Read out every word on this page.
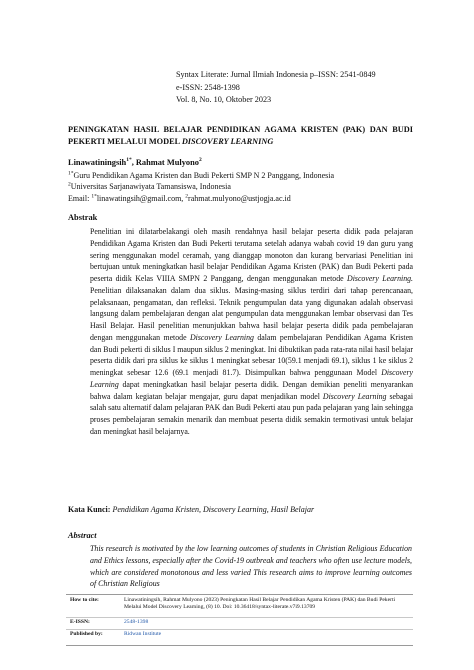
Syntax Literate: Jurnal Ilmiah Indonesia p–ISSN: 2541-0849
e-ISSN: 2548-1398
Vol. 8, No. 10, Oktober 2023
PENINGKATAN HASIL BELAJAR PENDIDIKAN AGAMA KRISTEN (PAK) DAN BUDI PEKERTI MELALUI MODEL DISCOVERY LEARNING
Linawatiningsih$^{1*}$, Rahmat Mulyono$^2$
$^{1*}$Guru Pendidikan Agama Kristen dan Budi Pekerti SMP N 2 Panggang, Indonesia
$^2$Universitas Sarjanawiyata Tamansiswa, Indonesia
Email: $^{1*}$linawatingsih@gmail.com, $^2$rahmat.mulyono@ustjogja.ac.id
Abstrak
Penelitian ini dilatarbelakangi oleh masih rendahnya hasil belajar peserta didik pada pelajaran Pendidikan Agama Kristen dan Budi Pekerti terutama setelah adanya wabah covid 19 dan guru yang sering menggunakan model ceramah, yang dianggap monoton dan kurang bervariasi Penelitian ini bertujuan untuk meningkatkan hasil belajar Pendidikan Agama Kristen (PAK) dan Budi Pekerti pada peserta didik Kelas VIIIA SMPN 2 Panggang, dengan menggunakan metode Discovery Learning. Penelitian dilaksanakan dalam dua siklus. Masing-masing siklus terdiri dari tahap perencanaan, pelaksanaan, pengamatan, dan refleksi. Teknik pengumpulan data yang digunakan adalah observasi langsung dalam pembelajaran dengan alat pengumpulan data menggunakan lembar observasi dan Tes Hasil Belajar. Hasil penelitian menunjukkan bahwa hasil belajar peserta didik pada pembelajaran dengan menggunakan metode Discovery Learning dalam pembelajaran Pendidikan Agama Kristen dan Budi pekerti di siklus I maupun siklus 2 meningkat. Ini dibuktikan pada rata-rata nilai hasil belajar peserta didik dari pra siklus ke siklus 1 meningkat sebesar 10(59.1 menjadi 69.1), siklus 1 ke siklus 2 meningkat sebesar 12.6 (69.1 menjadi 81.7). Disimpulkan bahwa penggunaan Model Discovery Learning dapat meningkatkan hasil belajar peserta didik. Dengan demikian peneliti menyarankan bahwa dalam kegiatan belajar mengajar, guru dapat menjadikan model Discovery Learning sebagai salah satu alternatif dalam pelajaran PAK dan Budi Pekerti atau pun pada pelajaran yang lain sehingga proses pembelajaran semakin menarik dan membuat peserta didik semakin termotivasi untuk belajar dan meningkat hasil belajarnya.
Kata Kunci: Pendidikan Agama Kristen, Discovery Learning, Hasil Belajar
Abstract
This research is motivated by the low learning outcomes of students in Christian Religious Education and Ethics lessons, especially after the Covid-19 outbreak and teachers who often use lecture models, which are considered monotonous and less varied This research aims to improve learning outcomes of Christian Religious
How to cite:	Linawatiningsih, Rahmat Mulyono (2023) Peningkatan Hasil Belajar Pendidikan Agama Kristen (PAK) dan Budi Pekerti Melalui Model Discovery Learning, (8) 10. Doi: 10.36418/syntax-literate.v7i9.13709
E-ISSN:	2548-1398
Published by:	Ridwan Institute
